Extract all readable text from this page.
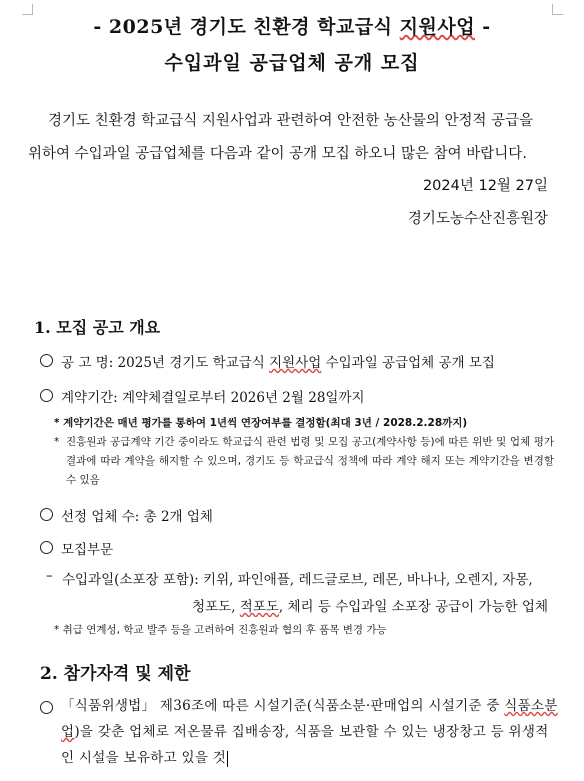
- 2025년 경기도 친환경 학교급식 지원사업 -
수입과일 공급업체 공개 모집
경기도 친환경 학교급식 지원사업과 관련하여 안전한 농산물의 안정적 공급을
위하여 수입과일 공급업체를 다음과 같이 공개 모집 하오니 많은 참여 바랍니다.
2024년 12월 27일
경기도농수산진흥원장
1. 모집 공고 개요
공 고 명: 2025년 경기도 학교급식 지원사업 수입과일 공급업체 공개 모집
계약기간: 계약체결일로부터 2026년 2월 28일까지
* 계약기간은 매년 평가를 통하여 1년씩 연장여부를 결정함(최대 3년 / 2028.2.28까지)
* 진흥원과 공급계약 기간 중이라도 학교급식 관련 법령 및 모집 공고(계약사항 등)에 따른 위반 및 업체 평가 결과에 따라 계약을 해지할 수 있으며, 경기도 등 학교급식 정책에 따라 계약 해지 또는 계약기간을 변경할 수 있음
선정 업체 수: 총 2개 업체
모집부문
– 수입과일(소포장 포함): 키위, 파인애플, 레드글로브, 레몬, 바나나, 오렌지, 자몽,
청포도, 적포도, 체리 등 수입과일 소포장 공급이 가능한 업체
* 취급 연계성, 학교 발주 등을 고려하여 진흥원과 협의 후 품목 변경 가능
2. 참가자격 및 제한
「식품위생법」 제36조에 따른 시설기준(식품소분·판매업의 시설기준 중 식품소분업)을 갖춘 업체로 저온물류 집배송장, 식품을 보관할 수 있는 냉장창고 등 위생적인 시설을 보유하고 있을 것
